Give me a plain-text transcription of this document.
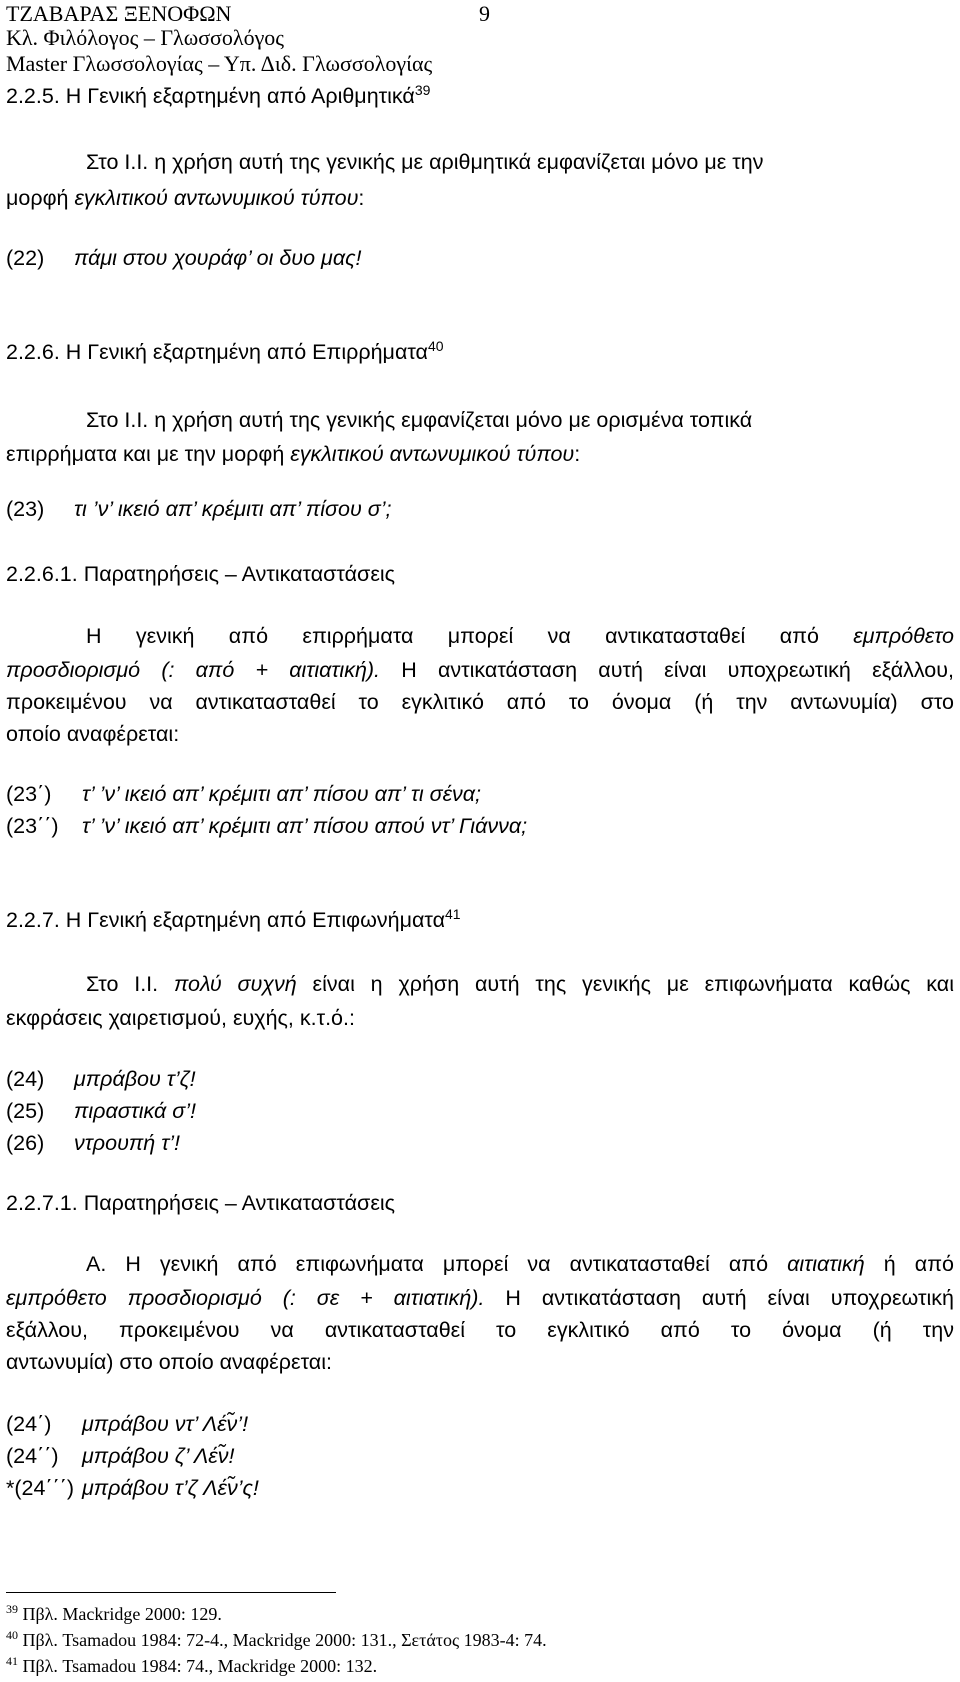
ΤΖΑΒΑΡΑΣ ΞΕΝΟΦΩΝ	9
Κλ. Φιλόλογος – Γλωσσολόγος
Master Γλωσσολογίας – Υπ. Διδ. Γλωσσολογίας
2.2.5. Η Γενική εξαρτημένη από Αριθμητικά$^{39}$
Στο Ι.Ι. η χρήση αυτή της γενικής με αριθμητικά εμφανίζεται μόνο με την
μορφή εγκλιτικού αντωνυμικού τύπου:
(22) πάμι στου χουράφ’ οι δυο μας!
2.2.6. Η Γενική εξαρτημένη από Επιρρήματα$^{40}$
Στο Ι.Ι. η χρήση αυτή της γενικής εμφανίζεται μόνο με ορισμένα τοπικά
επιρρήματα και με την μορφή εγκλιτικού αντωνυμικού τύπου:
(23) τι ’ν’ ικειό απ’ κρέμιτι απ’ πίσου σ’;
2.2.6.1. Παρατηρήσεις – Αντικαταστάσεις
Η γενική από επιρρήματα μπορεί να αντικατασταθεί από εμπρόθετο
προσδιορισμό (: από + αιτιατική). Η αντικατάσταση αυτή είναι υποχρεωτική εξάλλου,
προκειμένου να αντικατασταθεί το εγκλιτικό από το όνομα (ή την αντωνυμία) στο
οποίο αναφέρεται:
(23΄) τ’ ’ν’ ικειό απ’ κρέμιτι απ’ πίσου απ’ τι σένα;
(23΄΄) τ’ ’ν’ ικειό απ’ κρέμιτι απ’ πίσου απού ντ’ Γιάννα;
2.2.7. Η Γενική εξαρτημένη από Επιφωνήματα$^{41}$
Στο Ι.Ι. πολύ συχνή είναι η χρήση αυτή της γενικής με επιφωνήματα καθώς και
εκφράσεις χαιρετισμού, ευχής, κ.τ.ό.:
(24) μπράβου τ’ζ!
(25) πιραστικά σ’!
(26) ντρουπή τ’!
2.2.7.1. Παρατηρήσεις – Αντικαταστάσεις
Α. Η γενική από επιφωνήματα μπορεί να αντικατασταθεί από αιτιατική ή από
εμπρόθετο προσδιορισμό (: σε + αιτιατική). Η αντικατάσταση αυτή είναι υποχρεωτική
εξάλλου, προκειμένου να αντικατασταθεί το εγκλιτικό από το όνομα (ή την
αντωνυμία) στο οποίο αναφέρεται:
(24΄) μπράβου ντ’ Λέν̃’!
(24΄΄) μπράβου ζ’ Λέν̃!
*(24΄΄΄) μπράβου τ’ζ Λέν̃’ς!
$^{39}$ Πβλ. Mackridge 2000: 129.
$^{40}$ Πβλ. Tsamadou 1984: 72-4., Mackridge 2000: 131., Σετάτος 1983-4: 74.
$^{41}$ Πβλ. Tsamadou 1984: 74., Mackridge 2000: 132.
